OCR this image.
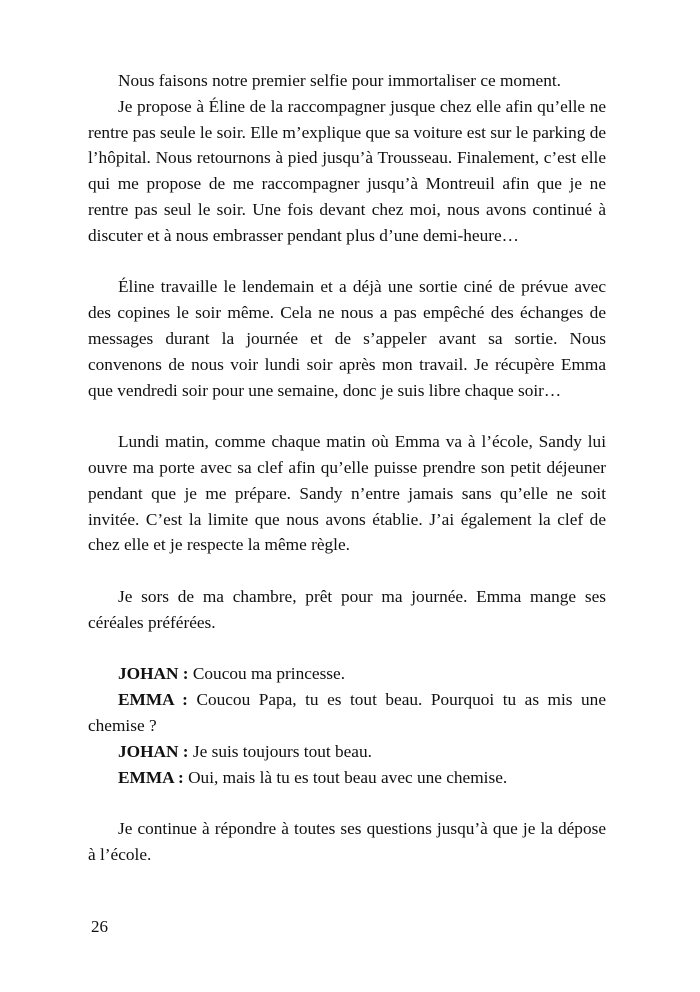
Nous faisons notre premier selfie pour immortaliser ce moment.

Je propose à Éline de la raccompagner jusque chez elle afin qu’elle ne rentre pas seule le soir. Elle m’explique que sa voiture est sur le parking de l’hôpital. Nous retournons à pied jusqu’à Trousseau. Finalement, c’est elle qui me propose de me raccompagner jusqu’à Montreuil afin que je ne rentre pas seul le soir. Une fois devant chez moi, nous avons continué à discuter et à nous embrasser pendant plus d’une demi-heure…

Éline travaille le lendemain et a déjà une sortie ciné de prévue avec des copines le soir même. Cela ne nous a pas empêché des échanges de messages durant la journée et de s’appeler avant sa sortie. Nous convenons de nous voir lundi soir après mon travail. Je récupère Emma que vendredi soir pour une semaine, donc je suis libre chaque soir…

Lundi matin, comme chaque matin où Emma va à l’école, Sandy lui ouvre ma porte avec sa clef afin qu’elle puisse prendre son petit déjeuner pendant que je me prépare. Sandy n’entre jamais sans qu’elle ne soit invitée. C’est la limite que nous avons établie. J’ai également la clef de chez elle et je respecte la même règle.

Je sors de ma chambre, prêt pour ma journée. Emma mange ses céréales préférées.

JOHAN : Coucou ma princesse.

EMMA : Coucou Papa, tu es tout beau. Pourquoi tu as mis une chemise ?

JOHAN : Je suis toujours tout beau.

EMMA : Oui, mais là tu es tout beau avec une chemise.

Je continue à répondre à toutes ses questions jusqu’à que je la dépose à l’école.

26
